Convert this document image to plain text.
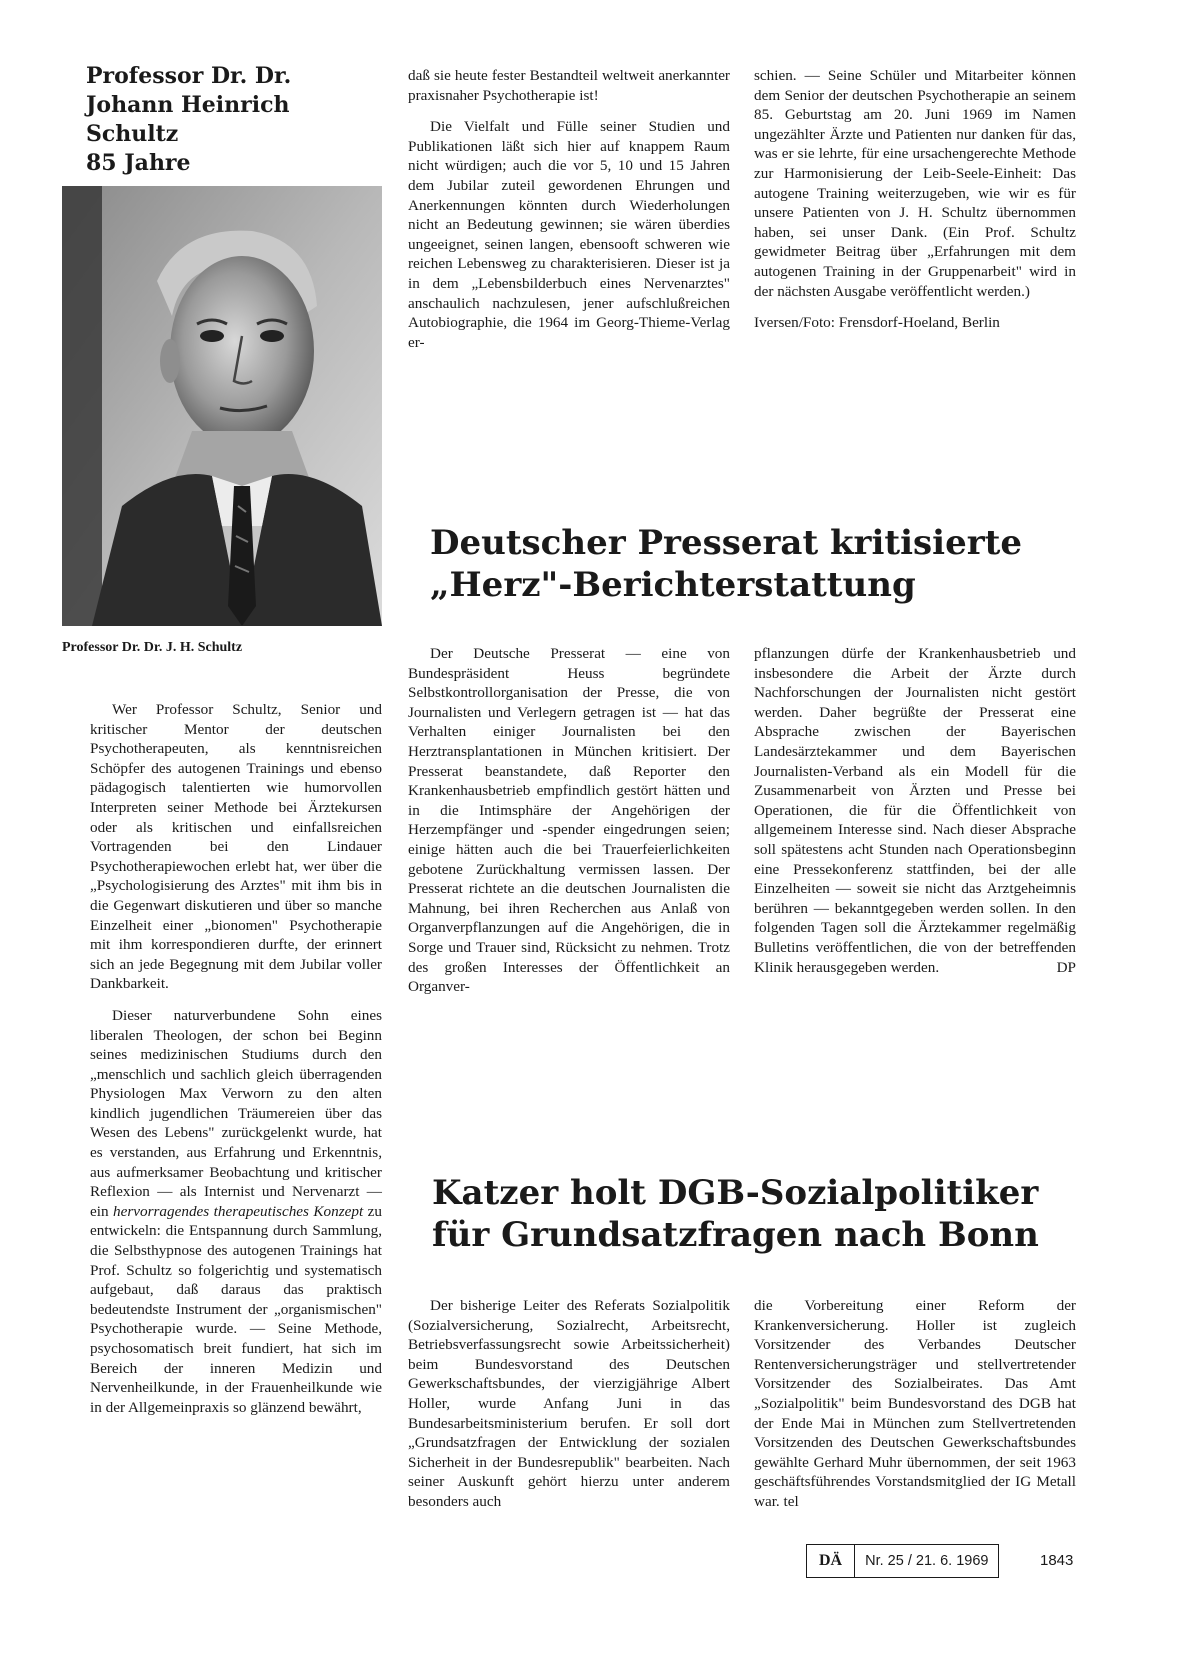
Professor Dr. Dr.
Johann Heinrich Schultz
85 Jahre
Professor Dr. Dr. J. H. Schultz

Wer Professor Schultz, Senior und kritischer Mentor der deutschen Psychotherapeuten, als kenntnisreichen Schöpfer des autogenen Trainings und ebenso pädagogisch talentierten wie humorvollen Interpreten seiner Methode bei Ärztekursen oder als kritischen und einfallsreichen Vortragenden bei den Lindauer Psychotherapiewochen erlebt hat, wer über die „Psychologisierung des Arztes" mit ihm bis in die Gegenwart diskutieren und über so manche Einzelheit einer „bionomen" Psychotherapie mit ihm korrespondieren durfte, der erinnert sich an jede Begegnung mit dem Jubilar voller Dankbarkeit.

Dieser naturverbundene Sohn eines liberalen Theologen, der schon bei Beginn seines medizinischen Studiums durch den „menschlich und sachlich gleich überragenden Physiologen Max Verworn zu den alten kindlich jugendlichen Träumereien über das Wesen des Lebens" zurückgelenkt wurde, hat es verstanden, aus Erfahrung und Erkenntnis, aus aufmerksamer Beobachtung und kritischer Reflexion — als Internist und Nervenarzt — ein hervorragendes therapeutisches Konzept zu entwickeln: die Entspannung durch Sammlung, die Selbsthypnose des autogenen Trainings hat Prof. Schultz so folgerichtig und systematisch aufgebaut, daß daraus das praktisch bedeutendste Instrument der „organismischen" Psychotherapie wurde. — Seine Methode, psychosomatisch breit fundiert, hat sich im Bereich der inneren Medizin und Nervenheilkunde, in der Frauenheilkunde wie in der Allgemeinpraxis so glänzend bewährt,

daß sie heute fester Bestandteil weltweit anerkannter praxisnaher Psychotherapie ist!

Die Vielfalt und Fülle seiner Studien und Publikationen läßt sich hier auf knappem Raum nicht würdigen; auch die vor 5, 10 und 15 Jahren dem Jubilar zuteil gewordenen Ehrungen und Anerkennungen könnten durch Wiederholungen nicht an Bedeutung gewinnen; sie wären überdies ungeeignet, seinen langen, ebensooft schweren wie reichen Lebensweg zu charakterisieren. Dieser ist ja in dem „Lebensbilderbuch eines Nervenarztes" anschaulich nachzulesen, jener aufschlußreichen Autobiographie, die 1964 im Georg-Thieme-Verlag er-

schien. — Seine Schüler und Mitarbeiter können dem Senior der deutschen Psychotherapie an seinem 85. Geburtstag am 20. Juni 1969 im Namen ungezählter Ärzte und Patienten nur danken für das, was er sie lehrte, für eine ursachengerechte Methode zur Harmonisierung der Leib-Seele-Einheit: Das autogene Training weiterzugeben, wie wir es für unsere Patienten von J. H. Schultz übernommen haben, sei unser Dank. (Ein Prof. Schultz gewidmeter Beitrag über „Erfahrungen mit dem autogenen Training in der Gruppenarbeit" wird in der nächsten Ausgabe veröffentlicht werden.)

Iversen/Foto: Frensdorf-Hoeland, Berlin

Deutscher Presserat kritisierte
„Herz"-Berichterstattung

Der Deutsche Presserat — eine von Bundespräsident Heuss begründete Selbstkontrollorganisation der Presse, die von Journalisten und Verlegern getragen ist — hat das Verhalten einiger Journalisten bei den Herztransplantationen in München kritisiert. Der Presserat beanstandete, daß Reporter den Krankenhausbetrieb empfindlich gestört hätten und in die Intimsphäre der Angehörigen der Herzempfänger und -spender eingedrungen seien; einige hätten auch die bei Trauerfeierlichkeiten gebotene Zurückhaltung vermissen lassen. Der Presserat richtete an die deutschen Journalisten die Mahnung, bei ihren Recherchen aus Anlaß von Organverpflanzungen auf die Angehörigen, die in Sorge und Trauer sind, Rücksicht zu nehmen. Trotz des großen Interesses der Öffentlichkeit an Organver-

pflanzungen dürfe der Krankenhausbetrieb und insbesondere die Arbeit der Ärzte durch Nachforschungen der Journalisten nicht gestört werden. Daher begrüßte der Presserat eine Absprache zwischen der Bayerischen Landesärztekammer und dem Bayerischen Journalisten-Verband als ein Modell für die Zusammenarbeit von Ärzten und Presse bei Operationen, die für die Öffentlichkeit von allgemeinem Interesse sind. Nach dieser Absprache soll spätestens acht Stunden nach Operationsbeginn eine Pressekonferenz stattfinden, bei der alle Einzelheiten — soweit sie nicht das Arztgeheimnis berühren — bekanntgegeben werden sollen. In den folgenden Tagen soll die Ärztekammer regelmäßig Bulletins veröffentlichen, die von der betreffenden Klinik herausgegeben werden.	DP

Katzer holt DGB-Sozialpolitiker
für Grundsatzfragen nach Bonn

Der bisherige Leiter des Referats Sozialpolitik (Sozialversicherung, Sozialrecht, Arbeitsrecht, Betriebsverfassungsrecht sowie Arbeitssicherheit) beim Bundesvorstand des Deutschen Gewerkschaftsbundes, der vierzigjährige Albert Holler, wurde Anfang Juni in das Bundesarbeitsministerium berufen. Er soll dort „Grundsatzfragen der Entwicklung der sozialen Sicherheit in der Bundesrepublik" bearbeiten. Nach seiner Auskunft gehört hierzu unter anderem besonders auch

die Vorbereitung einer Reform der Krankenversicherung. Holler ist zugleich Vorsitzender des Verbandes Deutscher Rentenversicherungsträger und stellvertretender Vorsitzender des Sozialbeirates. Das Amt „Sozialpolitik" beim Bundesvorstand des DGB hat der Ende Mai in München zum Stellvertretenden Vorsitzenden des Deutschen Gewerkschaftsbundes gewählte Gerhard Muhr übernommen, der seit 1963 geschäftsführendes Vorstandsmitglied der IG Metall war. tel

DÄ	Nr. 25 / 21. 6. 1969	1843
